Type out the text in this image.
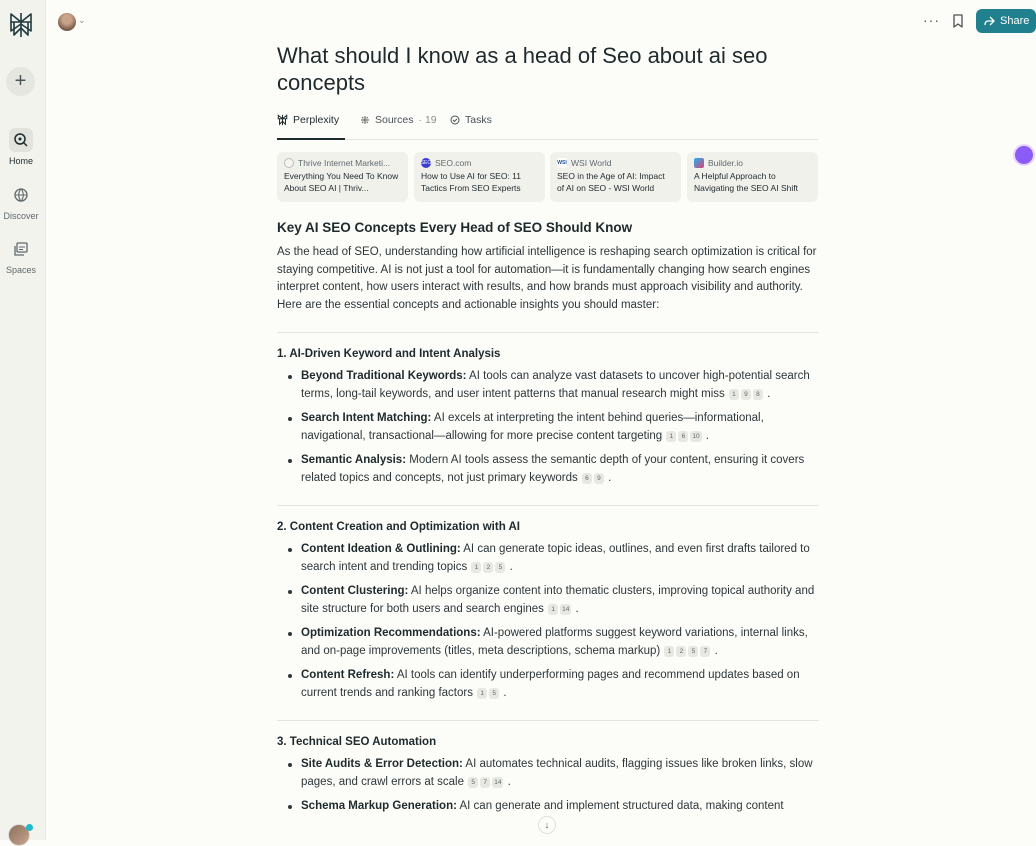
+
Home
Discover
Spaces
⌄	···	Share
What should I know as a head of Seo about ai seo concepts
Perplexity	Sources · 19	Tasks
Thrive Internet Marketi...
Everything You Need To Know About SEO AI | Thriv...
SEO SEO.com
How to Use AI for SEO: 11 Tactics From SEO Experts
WSI WSI World
SEO in the Age of AI: Impact of AI on SEO - WSI World
Builder.io
A Helpful Approach to Navigating the SEO AI Shift
Key AI SEO Concepts Every Head of SEO Should Know

As the head of SEO, understanding how artificial intelligence is reshaping search optimization is critical for staying competitive. AI is not just a tool for automation—it is fundamentally changing how search engines interpret content, how users interact with results, and how brands must approach visibility and authority. Here are the essential concepts and actionable insights you should master:

1. AI-Driven Keyword and Intent Analysis
Beyond Traditional Keywords: AI tools can analyze vast datasets to uncover high-potential search terms, long-tail keywords, and user intent patterns that manual research might miss 1 9 8 .
Search Intent Matching: AI excels at interpreting the intent behind queries—informational, navigational, transactional—allowing for more precise content targeting 1 6 10 .
Semantic Analysis: Modern AI tools assess the semantic depth of your content, ensuring it covers related topics and concepts, not just primary keywords 6 9 .
2. Content Creation and Optimization with AI
Content Ideation & Outlining: AI can generate topic ideas, outlines, and even first drafts tailored to search intent and trending topics 1 2 5 .
Content Clustering: AI helps organize content into thematic clusters, improving topical authority and site structure for both users and search engines 1 14 .
Optimization Recommendations: AI-powered platforms suggest keyword variations, internal links, and on-page improvements (titles, meta descriptions, schema markup) 1 2 5 7 .
Content Refresh: AI tools can identify underperforming pages and recommend updates based on current trends and ranking factors 1 5 .
3. Technical SEO Automation
Site Audits & Error Detection: AI automates technical audits, flagging issues like broken links, slow pages, and crawl errors at scale 5 7 14 .
Schema Markup Generation: AI can generate and implement structured data, making content
↓
